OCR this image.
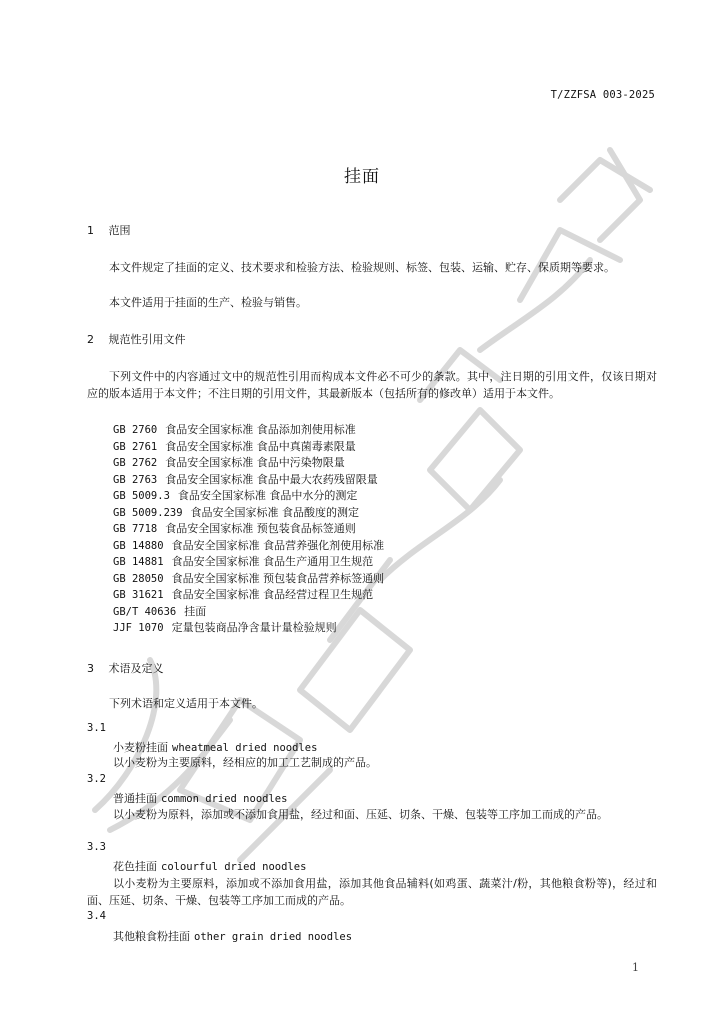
T/ZZFSA 003-2025
挂面
1 范围
本文件规定了挂面的定义、技术要求和检验方法、检验规则、标签、包装、运输、贮存、保质期等要求。
本文件适用于挂面的生产、检验与销售。
2 规范性引用文件
下列文件中的内容通过文中的规范性引用而构成本文件必不可少的条款。其中，注日期的引用文件，仅该日期对应的版本适用于本文件；不注日期的引用文件，其最新版本（包括所有的修改单）适用于本文件。
GB 2760 食品安全国家标准 食品添加剂使用标准
GB 2761 食品安全国家标准 食品中真菌毒素限量
GB 2762 食品安全国家标准 食品中污染物限量
GB 2763 食品安全国家标准 食品中最大农药残留限量
GB 5009.3 食品安全国家标准 食品中水分的测定
GB 5009.239 食品安全国家标准 食品酸度的测定
GB 7718 食品安全国家标准 预包装食品标签通则
GB 14880 食品安全国家标准 食品营养强化剂使用标准
GB 14881 食品安全国家标准 食品生产通用卫生规范
GB 28050 食品安全国家标准 预包装食品营养标签通则
GB 31621 食品安全国家标准 食品经营过程卫生规范
GB/T 40636 挂面
JJF 1070 定量包装商品净含量计量检验规则
3 术语及定义
下列术语和定义适用于本文件。
3.1
小麦粉挂面 wheatmeal dried noodles
以小麦粉为主要原料，经相应的加工工艺制成的产品。
3.2
普通挂面 common dried noodles
以小麦粉为原料，添加或不添加食用盐，经过和面、压延、切条、干燥、包装等工序加工而成的产品。
3.3
花色挂面 colourful dried noodles
以小麦粉为主要原料，添加或不添加食用盐，添加其他食品辅料(如鸡蛋、蔬菜汁/粉，其他粮食粉等)，经过和面、压延、切条、干燥、包装等工序加工而成的产品。
3.4
其他粮食粉挂面 other grain dried noodles
1
